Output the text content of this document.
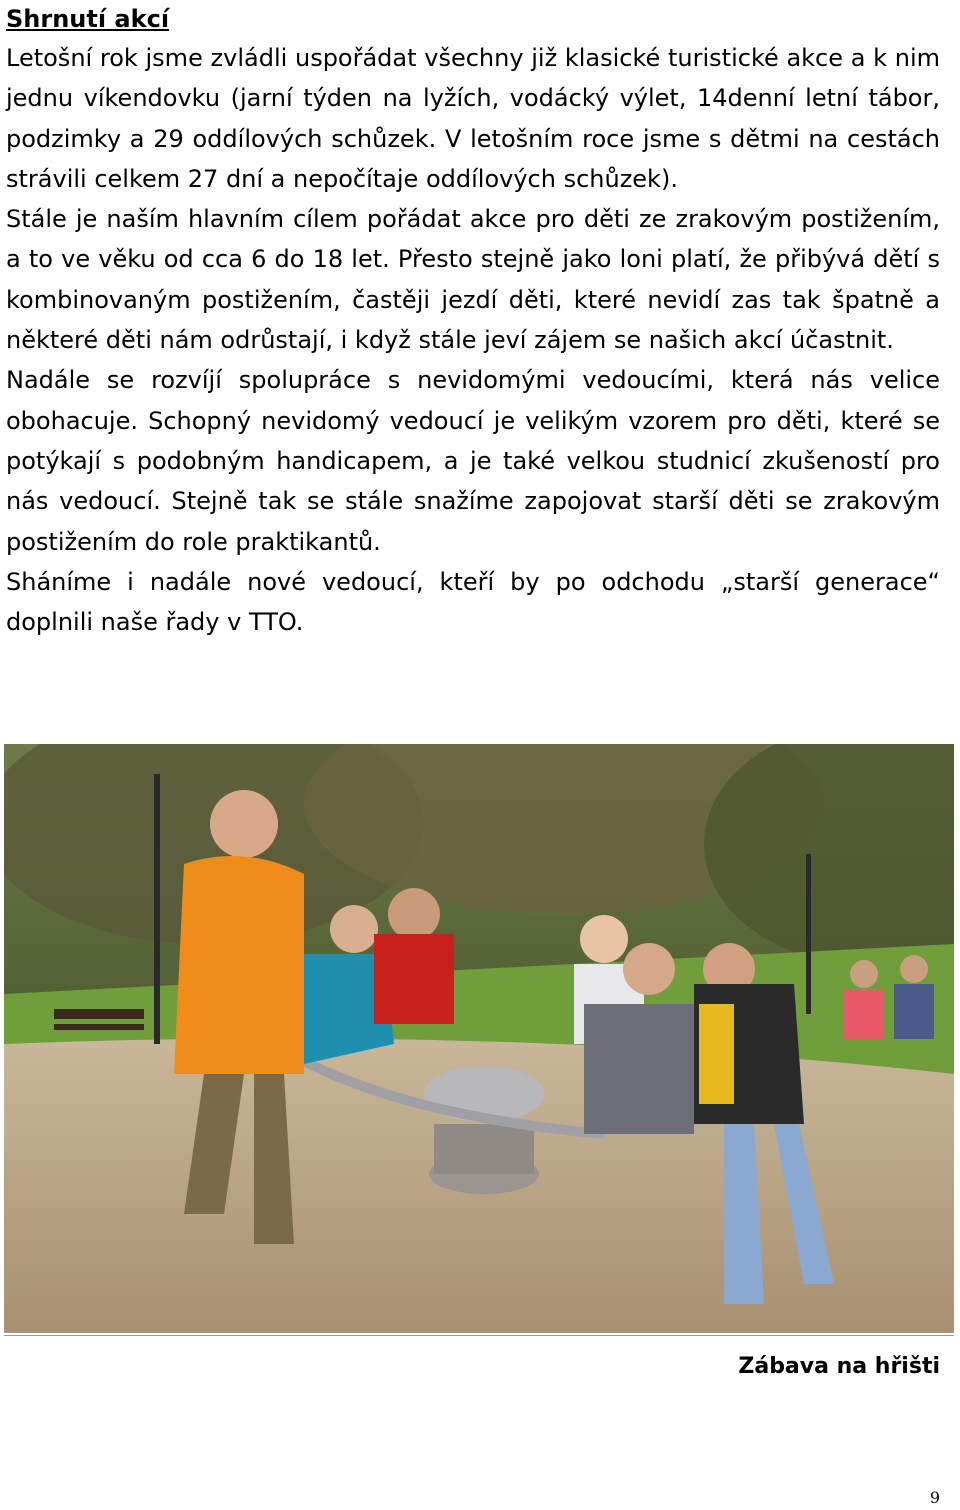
Shrnutí akcí

Letošní rok jsme zvládli uspořádat všechny již klasické turistické akce a k nim jednu víkendovku (jarní týden na lyžích, vodácký výlet, 14denní letní tábor, podzimky a 29 oddílových schůzek. V letošním roce jsme s dětmi na cestách strávili celkem 27 dní a nepočítaje oddílových schůzek).

Stále je naším hlavním cílem pořádat akce pro děti ze zrakovým postižením, a to ve věku od cca 6 do 18 let. Přesto stejně jako loni platí, že přibývá dětí s kombinovaným postižením, častěji jezdí děti, které nevidí zas tak špatně a některé děti nám odrůstají, i když stále jeví zájem se našich akcí účastnit.

Nadále se rozvíjí spolupráce s nevidomými vedoucími, která nás velice obohacuje. Schopný nevidomý vedoucí je velikým vzorem pro děti, které se potýkají s podobným handicapem, a je také velkou studnicí zkušeností pro nás vedoucí. Stejně tak se stále snažíme zapojovat starší děti se zrakovým postižením do role praktikantů.

Sháníme i nadále nové vedoucí, kteří by po odchodu „starší generace“ doplnili naše řady v TTO.

Zábava na hřišti
9
